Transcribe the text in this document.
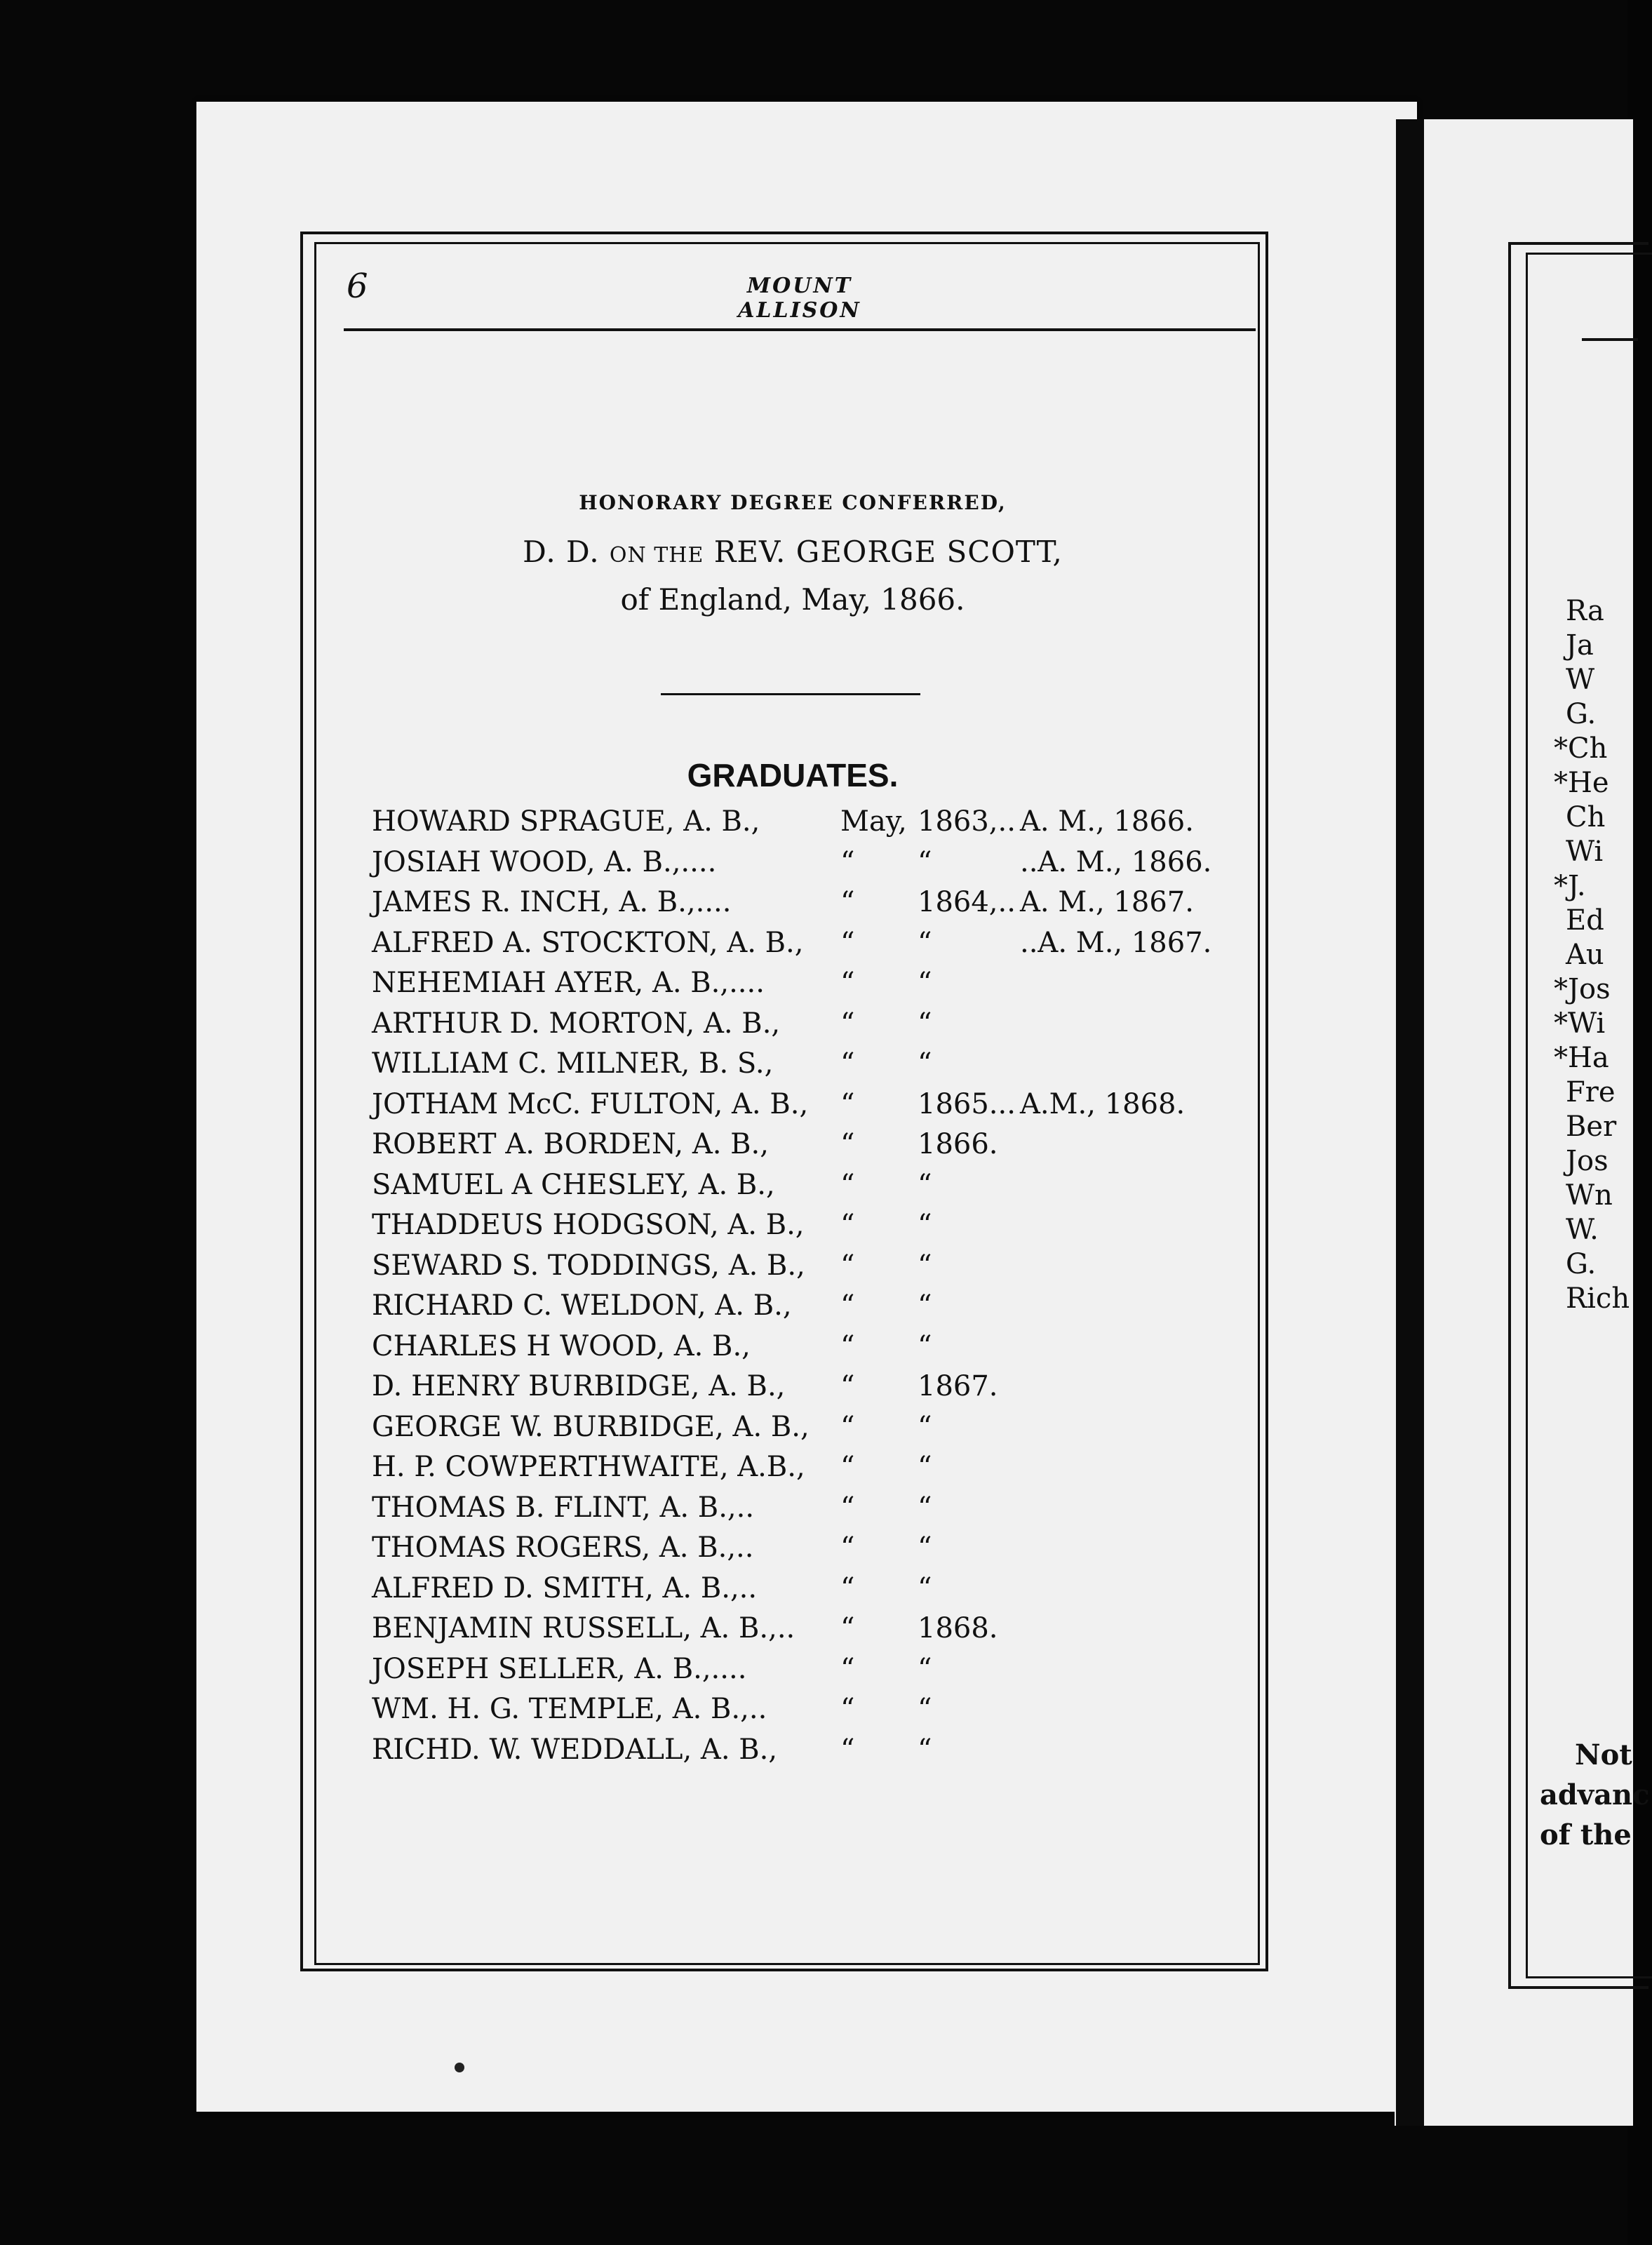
6	MOUNT ALLISON
HONORARY DEGREE CONFERRED,
D. D. ON THE REV. GEORGE SCOTT,
of England, May, 1866.
GRADUATES.
HOWARD SPRAGUE, A. B.,	May, 1863,.. A. M., 1866.
JOSIAH WOOD, A. B.,....	“ “	..A. M., 1866.
JAMES R. INCH, A. B.,....	“ 1864,.. A. M., 1867.
ALFRED A. STOCKTON, A. B., “ “	..A. M., 1867.
NEHEMIAH AYER, A. B.,....	“ “
ARTHUR D. MORTON, A. B., “ “
WILLIAM C. MILNER, B. S., “ “
JOTHAM McC. FULTON, A. B., “ 1865... A.M., 1868.
ROBERT A. BORDEN, A. B.,	“ 1866.
SAMUEL A CHESLEY, A. B., “ “
THADDEUS HODGSON, A. B., “ “
SEWARD S. TODDINGS, A. B., “ “
RICHARD C. WELDON, A. B., “ “
CHARLES H WOOD, A. B.,	“ “
D. HENRY BURBIDGE, A. B., “ 1867.
GEORGE W. BURBIDGE, A. B., “ “
H. P. COWPERTHWAITE, A.B., “ “
THOMAS B. FLINT, A. B.,..	“ “
THOMAS ROGERS, A. B.,..	“ “
ALFRED D. SMITH, A. B.,..	“ “
BENJAMIN RUSSELL, A. B.,.. “ 1868.
JOSEPH SELLER, A. B.,....	“ “
WM. H. G. TEMPLE, A. B.,..	“ “
RICHD. W. WEDDALL, A. B., “ “
Ra
Ja
W
G.
*Ch
*He
Ch
Wi
*J.
Ed
Au
*Jos
*Wi
*Ha
Fre
Ber
Jos
Wn
W.
G.
Rich
Not
advanc
of the
